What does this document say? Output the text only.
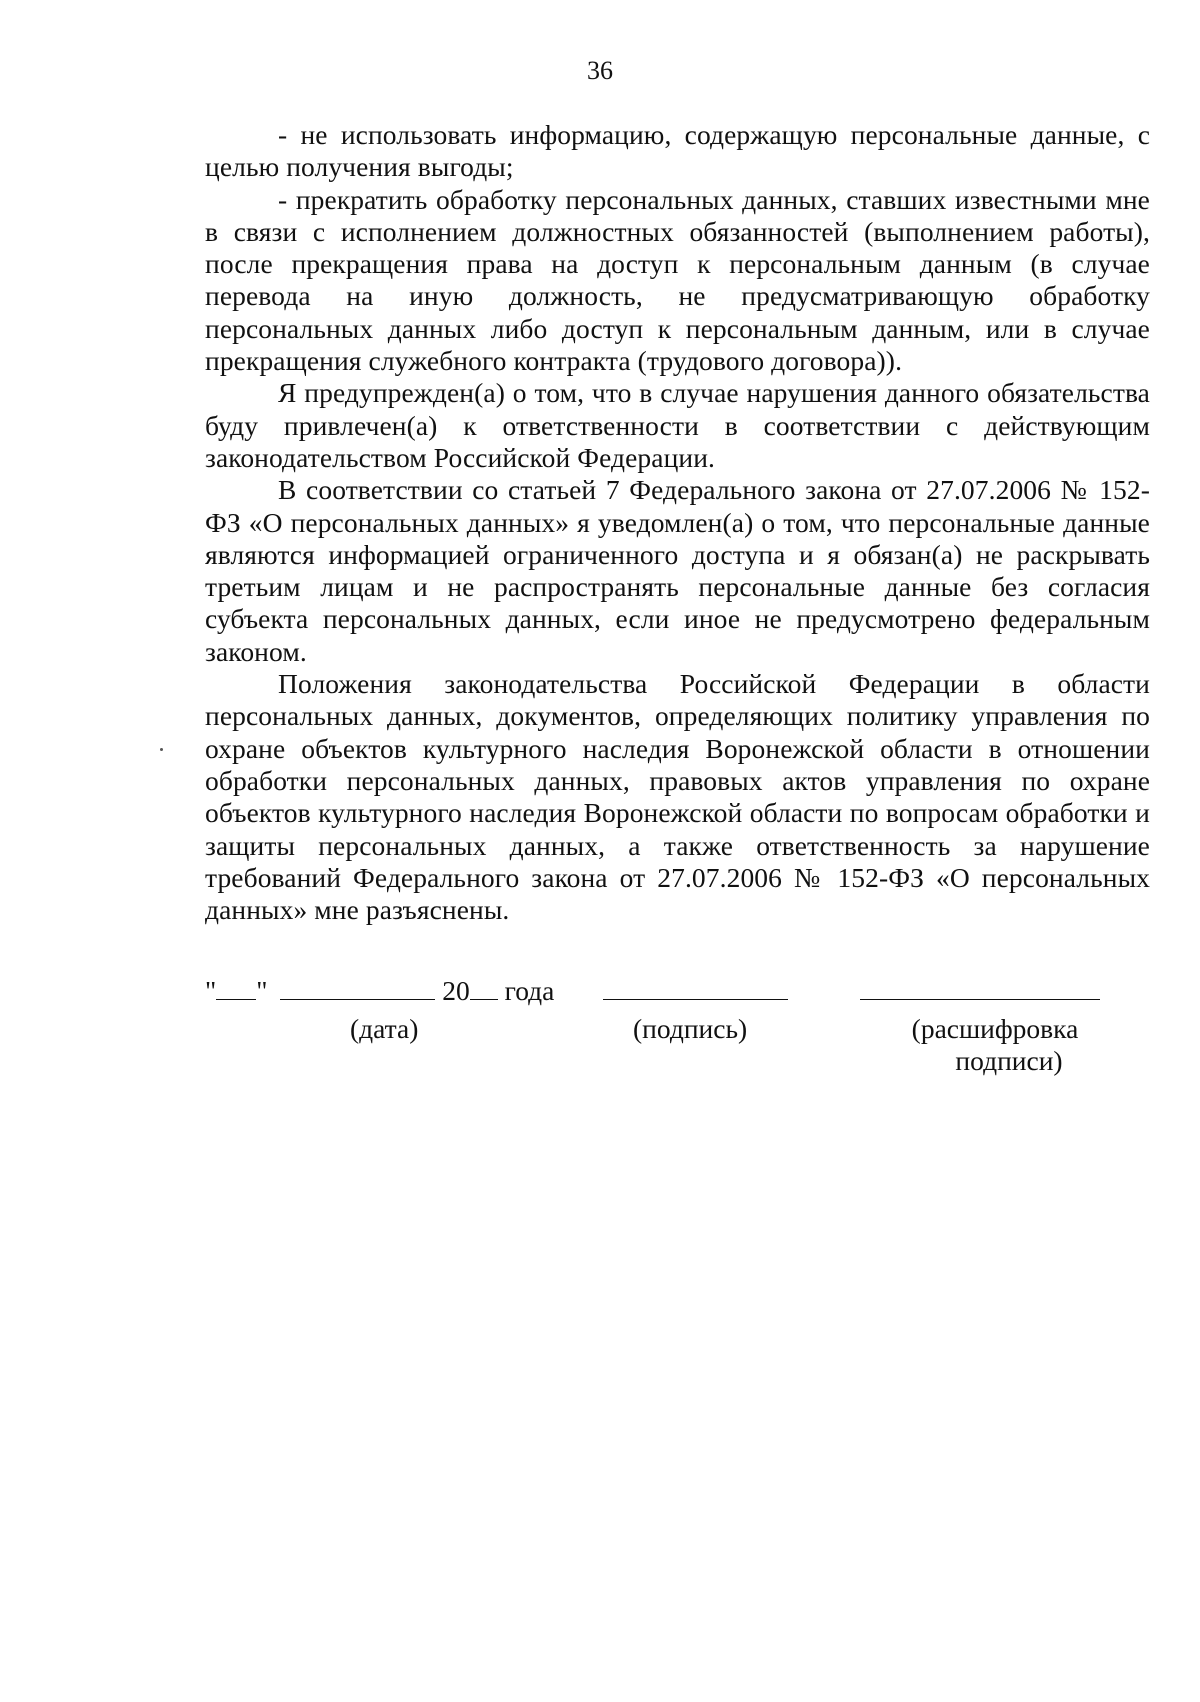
36

- не использовать информацию, содержащую персональные данные, с целью получения выгоды;

- прекратить обработку персональных данных, ставших известными мне в связи с исполнением должностных обязанностей (выполнением работы), после прекращения права на доступ к персональным данным (в случае перевода на иную должность, не предусматривающую обработку персональных данных либо доступ к персональным данным, или в случае прекращения служебного контракта (трудового договора)).

Я предупрежден(а) о том, что в случае нарушения данного обязательства буду привлечен(а) к ответственности в соответствии с действующим законодательством Российской Федерации.

В соответствии со статьей 7 Федерального закона от 27.07.2006 № 152-ФЗ «О персональных данных» я уведомлен(а) о том, что персональные данные являются информацией ограниченного доступа и я обязан(а) не раскрывать третьим лицам и не распространять персональные данные без согласия субъекта персональных данных, если иное не предусмотрено федеральным законом.

Положения законодательства Российской Федерации в области персональных данных, документов, определяющих политику управления по охране объектов культурного наследия Воронежской области в отношении обработки персональных данных, правовых актов управления по охране объектов культурного наследия Воронежской области по вопросам обработки и защиты персональных данных, а также ответственность за нарушение требований Федерального закона от 27.07.2006 № 152-ФЗ «О персональных данных» мне разъяснены.

" "	20 года
(дата)	(подпись)	(расшифровка
подписи)
